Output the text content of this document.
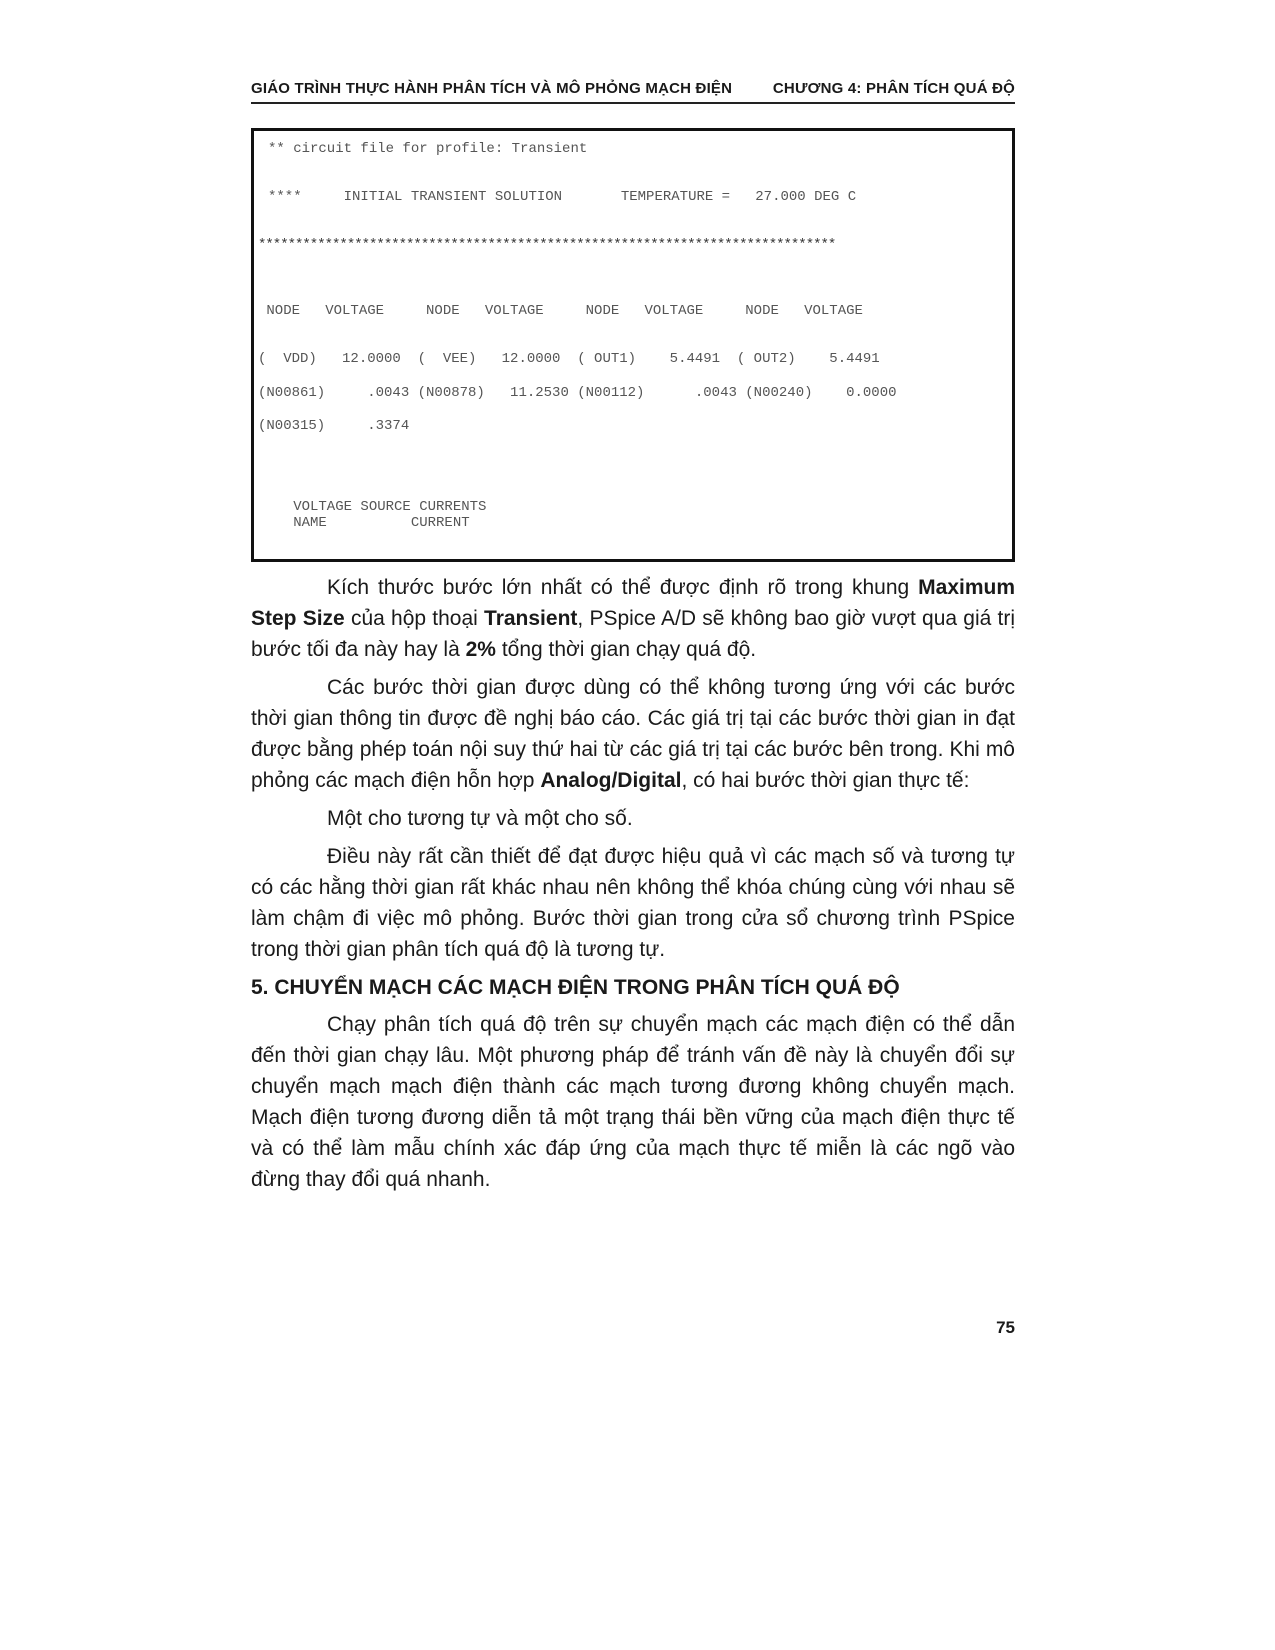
GIÁO TRÌNH THỰC HÀNH PHÂN TÍCH VÀ MÔ PHỎNG MẠCH ĐIỆN	CHƯƠNG 4: PHÂN TÍCH QUÁ ĐỘ
** circuit file for profile: Transient
****     INITIAL TRANSIENT SOLUTION       TEMPERATURE =   27.000 DEG C
******************************************************************************
NODE   VOLTAGE     NODE   VOLTAGE     NODE   VOLTAGE     NODE   VOLTAGE
(  VDD)   12.0000  (  VEE)   12.0000  ( OUT1)    5.4491  ( OUT2)    5.4491
(N00861)     .0043 (N00878)   11.2530 (N00112)      .0043 (N00240)    0.0000
(N00315)     .3374
VOLTAGE SOURCE CURRENTS
NAME          CURRENT

Kích thước bước lớn nhất có thể được định rõ trong khung Maximum Step Size của hộp thoại Transient, PSpice A/D sẽ không bao giờ vượt qua giá trị bước tối đa này hay là 2% tổng thời gian chạy quá độ.

Các bước thời gian được dùng có thể không tương ứng với các bước thời gian thông tin được đề nghị báo cáo. Các giá trị tại các bước thời gian in đạt được bằng phép toán nội suy thứ hai từ các giá trị tại các bước bên trong. Khi mô phỏng các mạch điện hỗn hợp Analog/Digital, có hai bước thời gian thực tế:

Một cho tương tự và một cho số.

Điều này rất cần thiết để đạt được hiệu quả vì các mạch số và tương tự có các hằng thời gian rất khác nhau nên không thể khóa chúng cùng với nhau sẽ làm chậm đi việc mô phỏng. Bước thời gian trong cửa sổ chương trình PSpice trong thời gian phân tích quá độ là tương tự.

5. CHUYỂN MẠCH CÁC MẠCH ĐIỆN TRONG PHÂN TÍCH QUÁ ĐỘ

Chạy phân tích quá độ trên sự chuyển mạch các mạch điện có thể dẫn đến thời gian chạy lâu. Một phương pháp để tránh vấn đề này là chuyển đổi sự chuyển mạch mạch điện thành các mạch tương đương không chuyển mạch. Mạch điện tương đương diễn tả một trạng thái bền vững của mạch điện thực tế và có thể làm mẫu chính xác đáp ứng của mạch thực tế miễn là các ngõ vào đừng thay đổi quá nhanh.

75
